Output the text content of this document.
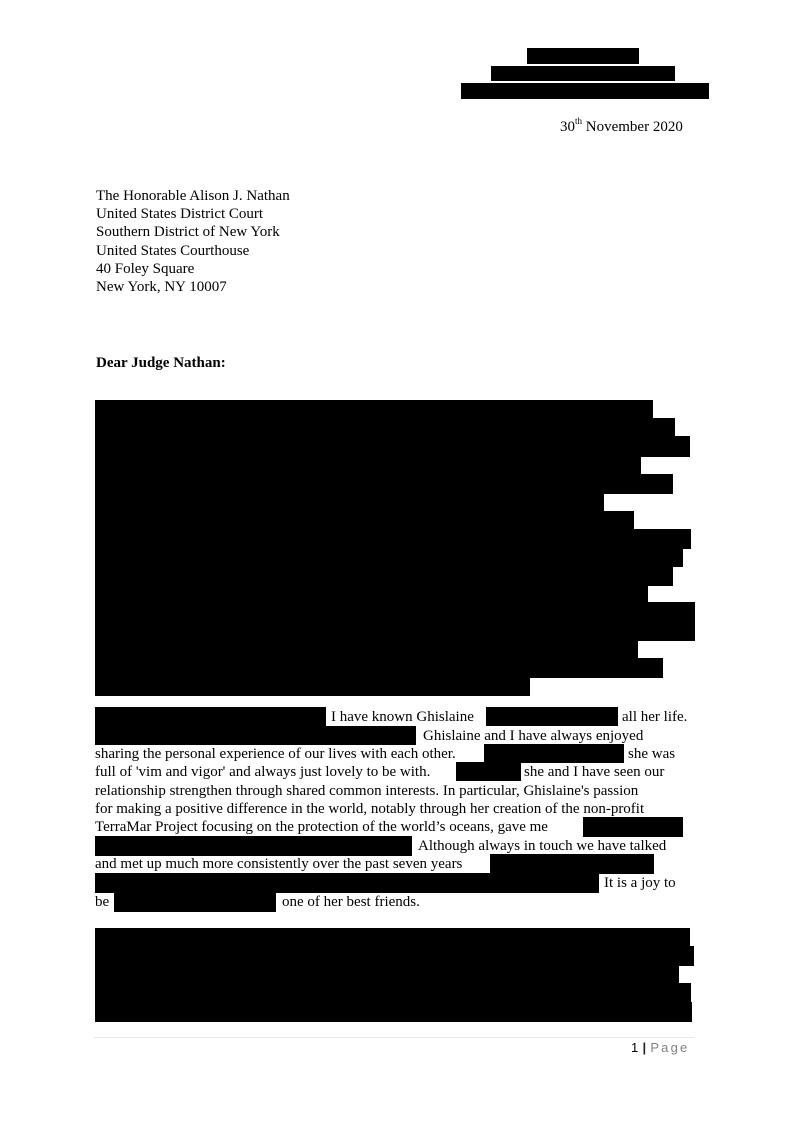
30th November 2020
The Honorable Alison J. Nathan
United States District Court
Southern District of New York
United States Courthouse
40 Foley Square
New York, NY 10007
Dear Judge Nathan:
I have known Ghislaine	all her life.
Ghislaine and I have always enjoyed
sharing the personal experience of our lives with each other.	she was
full of 'vim and vigor' and always just lovely to be with.	she and I have seen our
relationship strengthen through shared common interests. In particular, Ghislaine's passion
for making a positive difference in the world, notably through her creation of the non-profit
TerraMar Project focusing on the protection of the world’s oceans, gave me
Although always in touch we have talked
and met up much more consistently over the past seven years
It is a joy to
be	one of her best friends.
1 | Page
